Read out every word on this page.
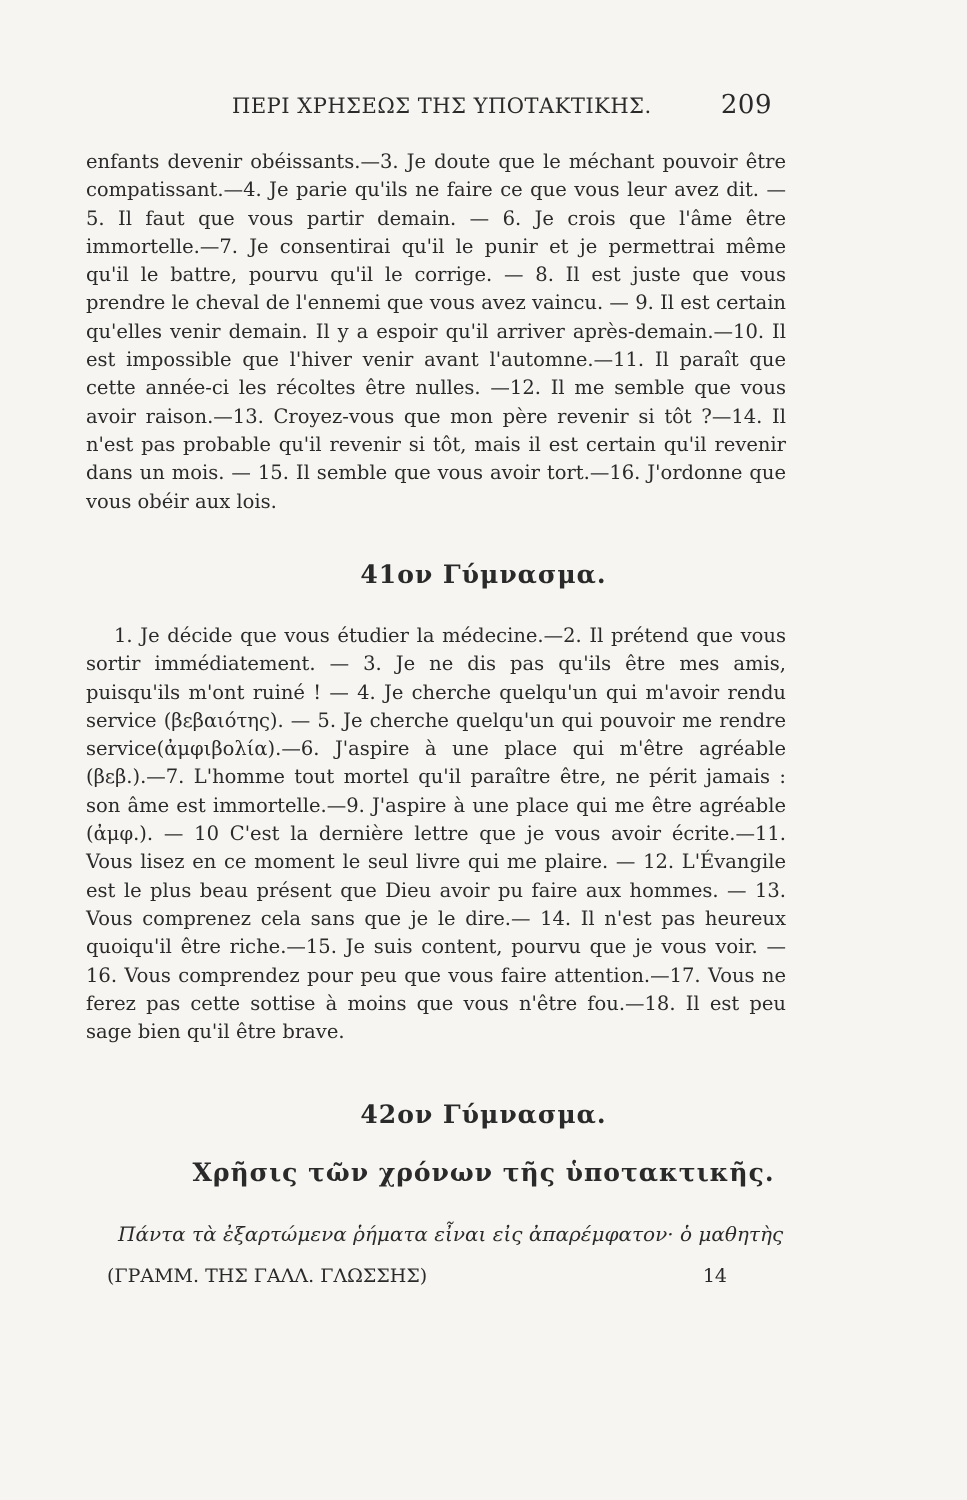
ΠΕΡΙ ΧΡΗΣΕΩΣ ΤΗΣ ΥΠΟΤΑΚΤΙΚΗΣ.	209

enfants devenir obéissants.—3. Je doute que le méchant pouvoir être compatissant.—4. Je parie qu'ils ne faire ce que vous leur avez dit. —5. Il faut que vous partir demain. — 6. Je crois que l'âme être immortelle.—7. Je consentirai qu'il le punir et je permettrai même qu'il le battre, pourvu qu'il le corrige. — 8. Il est juste que vous prendre le cheval de l'ennemi que vous avez vaincu. — 9. Il est certain qu'elles venir demain. Il y a espoir qu'il arriver après-demain.—10. Il est impossible que l'hiver venir avant l'automne.—11. Il paraît que cette année-ci les récoltes être nulles. —12. Il me semble que vous avoir raison.—13. Croyez-vous que mon père revenir si tôt ?—14. Il n'est pas probable qu'il revenir si tôt, mais il est certain qu'il revenir dans un mois. — 15. Il semble que vous avoir tort.—16. J'ordonne que vous obéir aux lois.

41ον Γύμνασμα.

1. Je décide que vous étudier la médecine.—2. Il prétend que vous sortir immédiatement. — 3. Je ne dis pas qu'ils être mes amis, puisqu'ils m'ont ruiné ! — 4. Je cherche quelqu'un qui m'avoir rendu service (βεβαιότης). — 5. Je cherche quelqu'un qui pouvoir me rendre service(ἀμφιβολία).—6. J'aspire à une place qui m'être agréable (βεβ.).—7. L'homme tout mortel qu'il paraître être, ne périt jamais : son âme est immortelle.—9. J'aspire à une place qui me être agréable (ἀμφ.). — 10 C'est la dernière lettre que je vous avoir écrite.—11. Vous lisez en ce moment le seul livre qui me plaire. — 12. L'Évangile est le plus beau présent que Dieu avoir pu faire aux hommes. — 13. Vous comprenez cela sans que je le dire.— 14. Il n'est pas heureux quoiqu'il être riche.—15. Je suis content, pourvu que je vous voir. — 16. Vous comprendez pour peu que vous faire attention.—17. Vous ne ferez pas cette sottise à moins que vous n'être fou.—18. Il est peu sage bien qu'il être brave.

42ον Γύμνασμα.
Χρῆσις τῶν χρόνων τῆς ὑποτακτικῆς.
Πάντα τὰ ἐξαρτώμενα ῥήματα εἶναι εἰς ἀπαρέμφατον· ὁ μαθητὴς
(ΓΡΑΜΜ. ΤΗΣ ΓΑΛΛ. ΓΛΩΣΣΗΣ)	14
